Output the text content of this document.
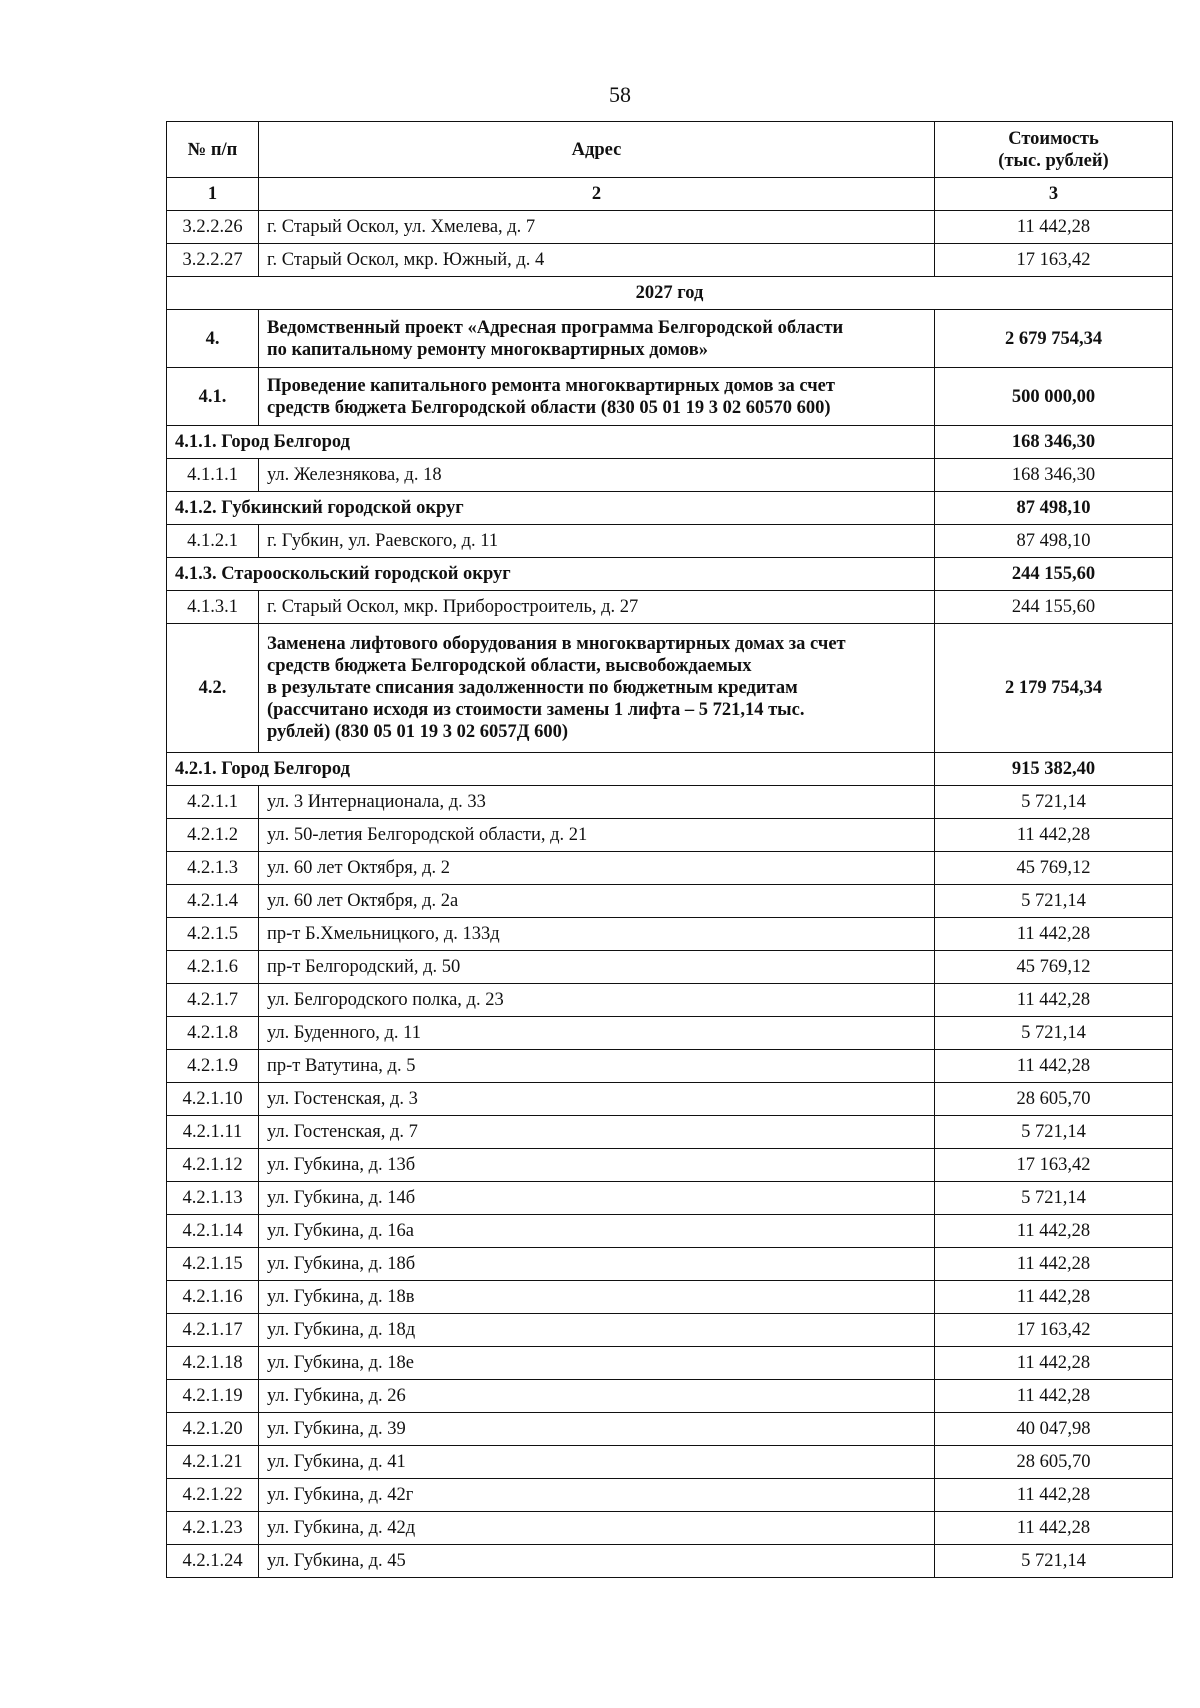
58
№ п/п	Адрес	Стоимость
(тыс. рублей)

1	2	3
3.2.2.26	г. Старый Оскол, ул. Хмелева, д. 7	11 442,28
3.2.2.27	г. Старый Оскол, мкр. Южный, д. 4	17 163,42
2027 год		
4.	Ведомственный проект «Адресная программа Белгородской области
по капитальному ремонту многоквартирных домов»	2 679 754,34
4.1.	Проведение капитального ремонта многоквартирных домов за счет
средств бюджета Белгородской области (830 05 01 19 3 02 60570 600)	500 000,00
4.1.1. Город Белгород		168 346,30
4.1.1.1	ул. Железнякова, д. 18	168 346,30
4.1.2. Губкинский городской округ		87 498,10
4.1.2.1	г. Губкин, ул. Раевского, д. 11	87 498,10
4.1.3. Старооскольский городской округ		244 155,60
4.1.3.1	г. Старый Оскол, мкр. Приборостроитель, д. 27	244 155,60
4.2.	Заменена лифтового оборудования в многоквартирных домах за счет
средств бюджета Белгородской области, высвобождаемых
в результате списания задолженности по бюджетным кредитам
(рассчитано исходя из стоимости замены 1 лифта – 5 721,14 тыс.
рублей) (830 05 01 19 3 02 6057Д 600)	2 179 754,34
4.2.1. Город Белгород		915 382,40
4.2.1.1	ул. 3 Интернационала, д. 33	5 721,14
4.2.1.2	ул. 50-летия Белгородской области, д. 21	11 442,28
4.2.1.3	ул. 60 лет Октября, д. 2	45 769,12
4.2.1.4	ул. 60 лет Октября, д. 2а	5 721,14
4.2.1.5	пр-т Б.Хмельницкого, д. 133д	11 442,28
4.2.1.6	пр-т Белгородский, д. 50	45 769,12
4.2.1.7	ул. Белгородского полка, д. 23	11 442,28
4.2.1.8	ул. Буденного, д. 11	5 721,14
4.2.1.9	пр-т Ватутина, д. 5	11 442,28
4.2.1.10	ул. Гостенская, д. 3	28 605,70
4.2.1.11	ул. Гостенская, д. 7	5 721,14
4.2.1.12	ул. Губкина, д. 13б	17 163,42
4.2.1.13	ул. Губкина, д. 14б	5 721,14
4.2.1.14	ул. Губкина, д. 16а	11 442,28
4.2.1.15	ул. Губкина, д. 18б	11 442,28
4.2.1.16	ул. Губкина, д. 18в	11 442,28
4.2.1.17	ул. Губкина, д. 18д	17 163,42
4.2.1.18	ул. Губкина, д. 18е	11 442,28
4.2.1.19	ул. Губкина, д. 26	11 442,28
4.2.1.20	ул. Губкина, д. 39	40 047,98
4.2.1.21	ул. Губкина, д. 41	28 605,70
4.2.1.22	ул. Губкина, д. 42г	11 442,28
4.2.1.23	ул. Губкина, д. 42д	11 442,28
4.2.1.24	ул. Губкина, д. 45	5 721,14
